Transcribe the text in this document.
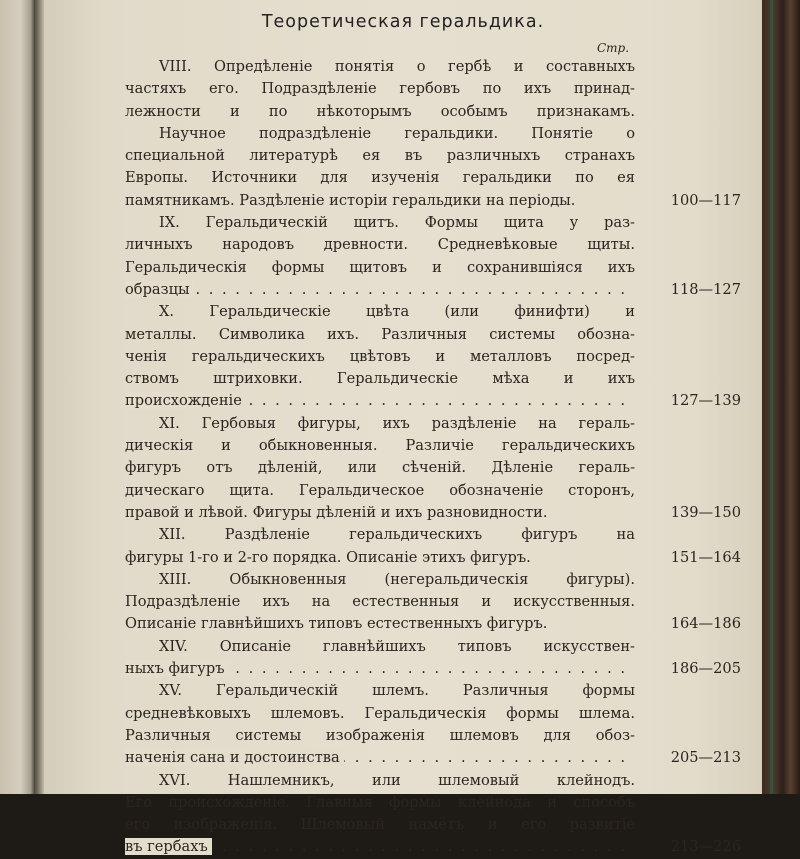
Теоретическая геральдика.
Стр.
VIII. Опредѣленіе понятія о гербѣ и составныхъ
частяхъ его. Подраздѣленіе гербовъ по ихъ принад-
лежности и по нѣкоторымъ особымъ признакамъ.
Научное подраздѣленіе геральдики. Понятіе о
специальной литературѣ ея въ различныхъ странахъ
Европы. Источники для изученія геральдики по ея
памятникамъ. Раздѣленіе исторіи геральдики на періоды.	100—117
IX. Геральдическій щитъ. Формы щита у раз-
личныхъ народовъ древности. Средневѣковые щиты.
Геральдическія формы щитовъ и сохранившіяся ихъ
. . . образцы	118—127
X. Геральдическіе цвѣта (или финифти) и
металлы. Символика ихъ. Различныя системы обозна-
ченія геральдическихъ цвѣтовъ и металловъ посред-
ствомъ штриховки. Геральдическіе мѣха и ихъ
. . . происхожденіе	127—139
XI. Гербовыя фигуры, ихъ раздѣленіе на гераль-
дическія и обыкновенныя. Различіе геральдическихъ
фигуръ отъ дѣленій, или сѣченій. Дѣленіе гераль-
дическаго щита. Геральдическое обозначеніе сторонъ,
правой и лѣвой. Фигуры дѣленій и ихъ разновидности.	139—150
XII. Раздѣленіе геральдическихъ фигуръ на
фигуры 1-го и 2-го порядка. Описаніе этихъ фигуръ.	151—164
XIII. Обыкновенныя (негеральдическія фигуры).
Подраздѣленіе ихъ на естественныя и искусственныя.
Описаніе главнѣйшихъ типовъ естественныхъ фигуръ.	164—186
XIV. Описаніе главнѣйшихъ типовъ искусствен-
. . . ныхъ фигуръ	186—205
XV. Геральдическій шлемъ. Различныя формы
средневѣковыхъ шлемовъ. Геральдическія формы шлема.
Различныя системы изображенія шлемовъ для обоз-
. . . наченія сана и достоинства	205—213
XVI. Нашлемникъ, или шлемовый клейнодъ.
Его происхожденіе. Главныя формы клейнода и способъ
его изображенія. Шлемовый намётъ и его развитіе
. . . въ гербахъ	213—226
